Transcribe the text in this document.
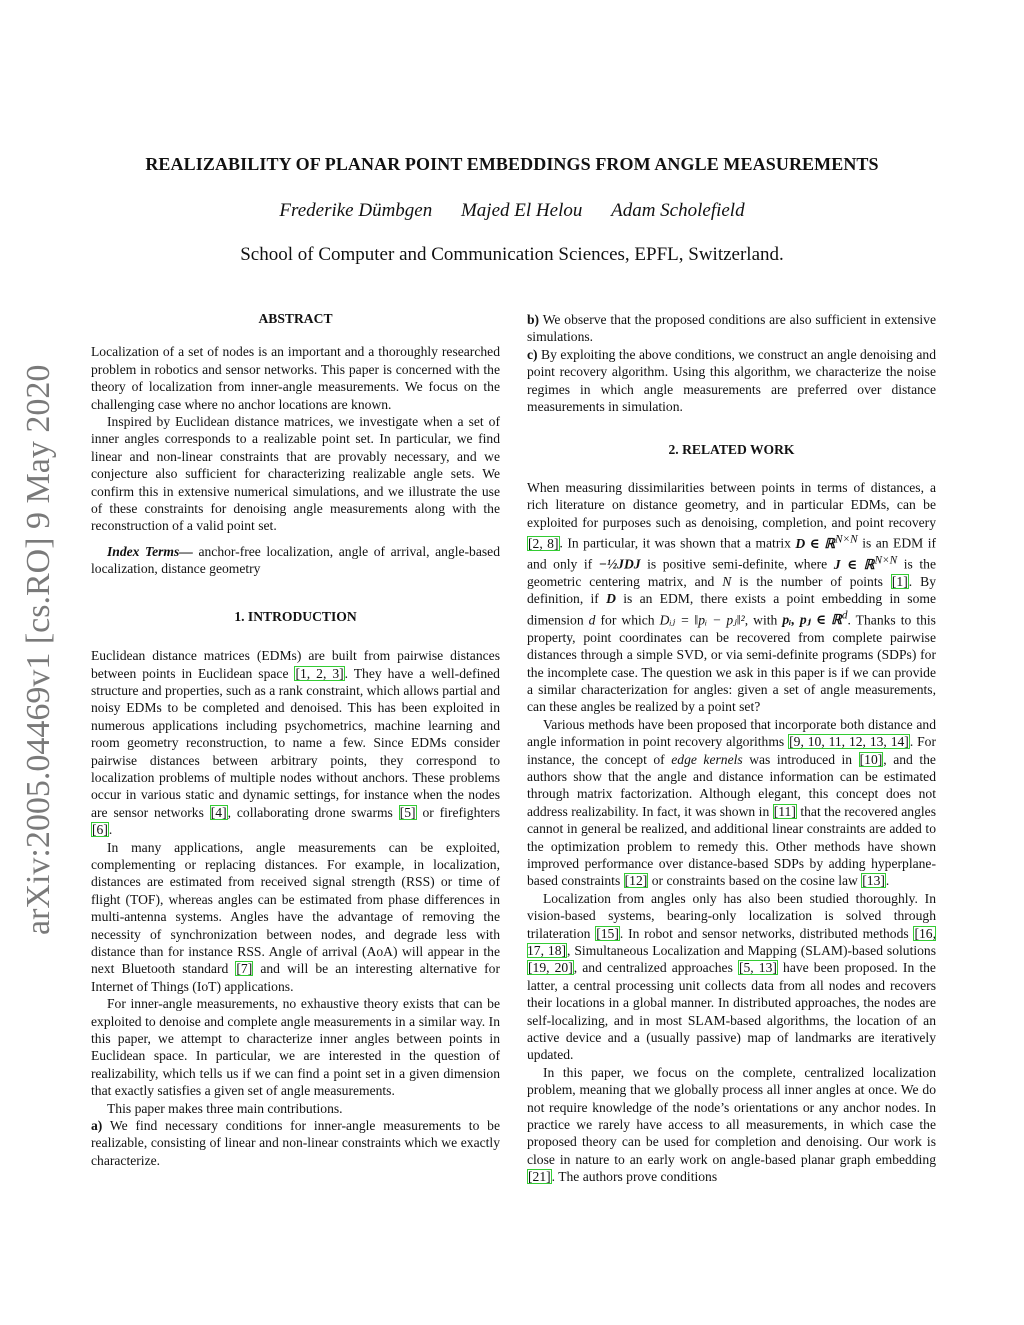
arXiv:2005.04469v1 [cs.RO] 9 May 2020
REALIZABILITY OF PLANAR POINT EMBEDDINGS FROM ANGLE MEASUREMENTS
Frederike Dümbgen Majed El Helou Adam Scholefield
School of Computer and Communication Sciences, EPFL, Switzerland.

ABSTRACT

Localization of a set of nodes is an important and a thoroughly researched problem in robotics and sensor networks. This paper is concerned with the theory of localization from inner-angle measurements. We focus on the challenging case where no anchor locations are known.

Inspired by Euclidean distance matrices, we investigate when a set of inner angles corresponds to a realizable point set. In particular, we find linear and non-linear constraints that are provably necessary, and we conjecture also sufficient for characterizing realizable angle sets. We confirm this in extensive numerical simulations, and we illustrate the use of these constraints for denoising angle measurements along with the reconstruction of a valid point set.

Index Terms— anchor-free localization, angle of arrival, angle-based localization, distance geometry

1. INTRODUCTION

Euclidean distance matrices (EDMs) are built from pairwise distances between points in Euclidean space [1, 2, 3]. They have a well-defined structure and properties, such as a rank constraint, which allows partial and noisy EDMs to be completed and denoised. This has been exploited in numerous applications including psychometrics, machine learning and room geometry reconstruction, to name a few. Since EDMs consider pairwise distances between arbitrary points, they correspond to localization problems of multiple nodes without anchors. These problems occur in various static and dynamic settings, for instance when the nodes are sensor networks [4], collaborating drone swarms [5] or firefighters [6].

In many applications, angle measurements can be exploited, complementing or replacing distances. For example, in localization, distances are estimated from received signal strength (RSS) or time of flight (TOF), whereas angles can be estimated from phase differences in multi-antenna systems. Angles have the advantage of removing the necessity of synchronization between nodes, and degrade less with distance than for instance RSS. Angle of arrival (AoA) will appear in the next Bluetooth standard [7] and will be an interesting alternative for Internet of Things (IoT) applications.

For inner-angle measurements, no exhaustive theory exists that can be exploited to denoise and complete angle measurements in a similar way. In this paper, we attempt to characterize inner angles between points in Euclidean space. In particular, we are interested in the question of realizability, which tells us if we can find a point set in a given dimension that exactly satisfies a given set of angle measurements.

This paper makes three main contributions.

a) We find necessary conditions for inner-angle measurements to be realizable, consisting of linear and non-linear constraints which we exactly characterize.

b) We observe that the proposed conditions are also sufficient in extensive simulations.

c) By exploiting the above conditions, we construct an angle denoising and point recovery algorithm. Using this algorithm, we characterize the noise regimes in which angle measurements are preferred over distance measurements in simulation.

2. RELATED WORK

When measuring dissimilarities between points in terms of distances, a rich literature on distance geometry, and in particular EDMs, can be exploited for purposes such as denoising, completion, and point recovery [2, 8]. In particular, it was shown that a matrix D ∈ ℝ$^{N\times N}$ is an EDM if and only if −½JDJ is positive semi-definite, where J ∈ ℝ$^{N\times N}$ is the geometric centering matrix, and N is the number of points [1]. By definition, if D is an EDM, there exists a point embedding in some dimension d for which Dᵢⱼ = ‖pᵢ − pⱼ‖², with pᵢ, pⱼ ∈ ℝ$^d$. Thanks to this property, point coordinates can be recovered from complete pairwise distances through a simple SVD, or via semi-definite programs (SDPs) for the incomplete case. The question we ask in this paper is if we can provide a similar characterization for angles: given a set of angle measurements, can these angles be realized by a point set?

Various methods have been proposed that incorporate both distance and angle information in point recovery algorithms [9, 10, 11, 12, 13, 14]. For instance, the concept of edge kernels was introduced in [10], and the authors show that the angle and distance information can be estimated through matrix factorization. Although elegant, this concept does not address realizability. In fact, it was shown in [11] that the recovered angles cannot in general be realized, and additional linear constraints are added to the optimization problem to remedy this. Other methods have shown improved performance over distance-based SDPs by adding hyperplane-based constraints [12] or constraints based on the cosine law [13].

Localization from angles only has also been studied thoroughly. In vision-based systems, bearing-only localization is solved through trilateration [15]. In robot and sensor networks, distributed methods [16, 17, 18], Simultaneous Localization and Mapping (SLAM)-based solutions [19, 20], and centralized approaches [5, 13] have been proposed. In the latter, a central processing unit collects data from all nodes and recovers their locations in a global manner. In distributed approaches, the nodes are self-localizing, and in most SLAM-based algorithms, the location of an active device and a (usually passive) map of landmarks are iteratively updated.

In this paper, we focus on the complete, centralized localization problem, meaning that we globally process all inner angles at once. We do not require knowledge of the node’s orientations or any anchor nodes. In practice we rarely have access to all measurements, in which case the proposed theory can be used for completion and denoising. Our work is close in nature to an early work on angle-based planar graph embedding [21]. The authors prove conditions
